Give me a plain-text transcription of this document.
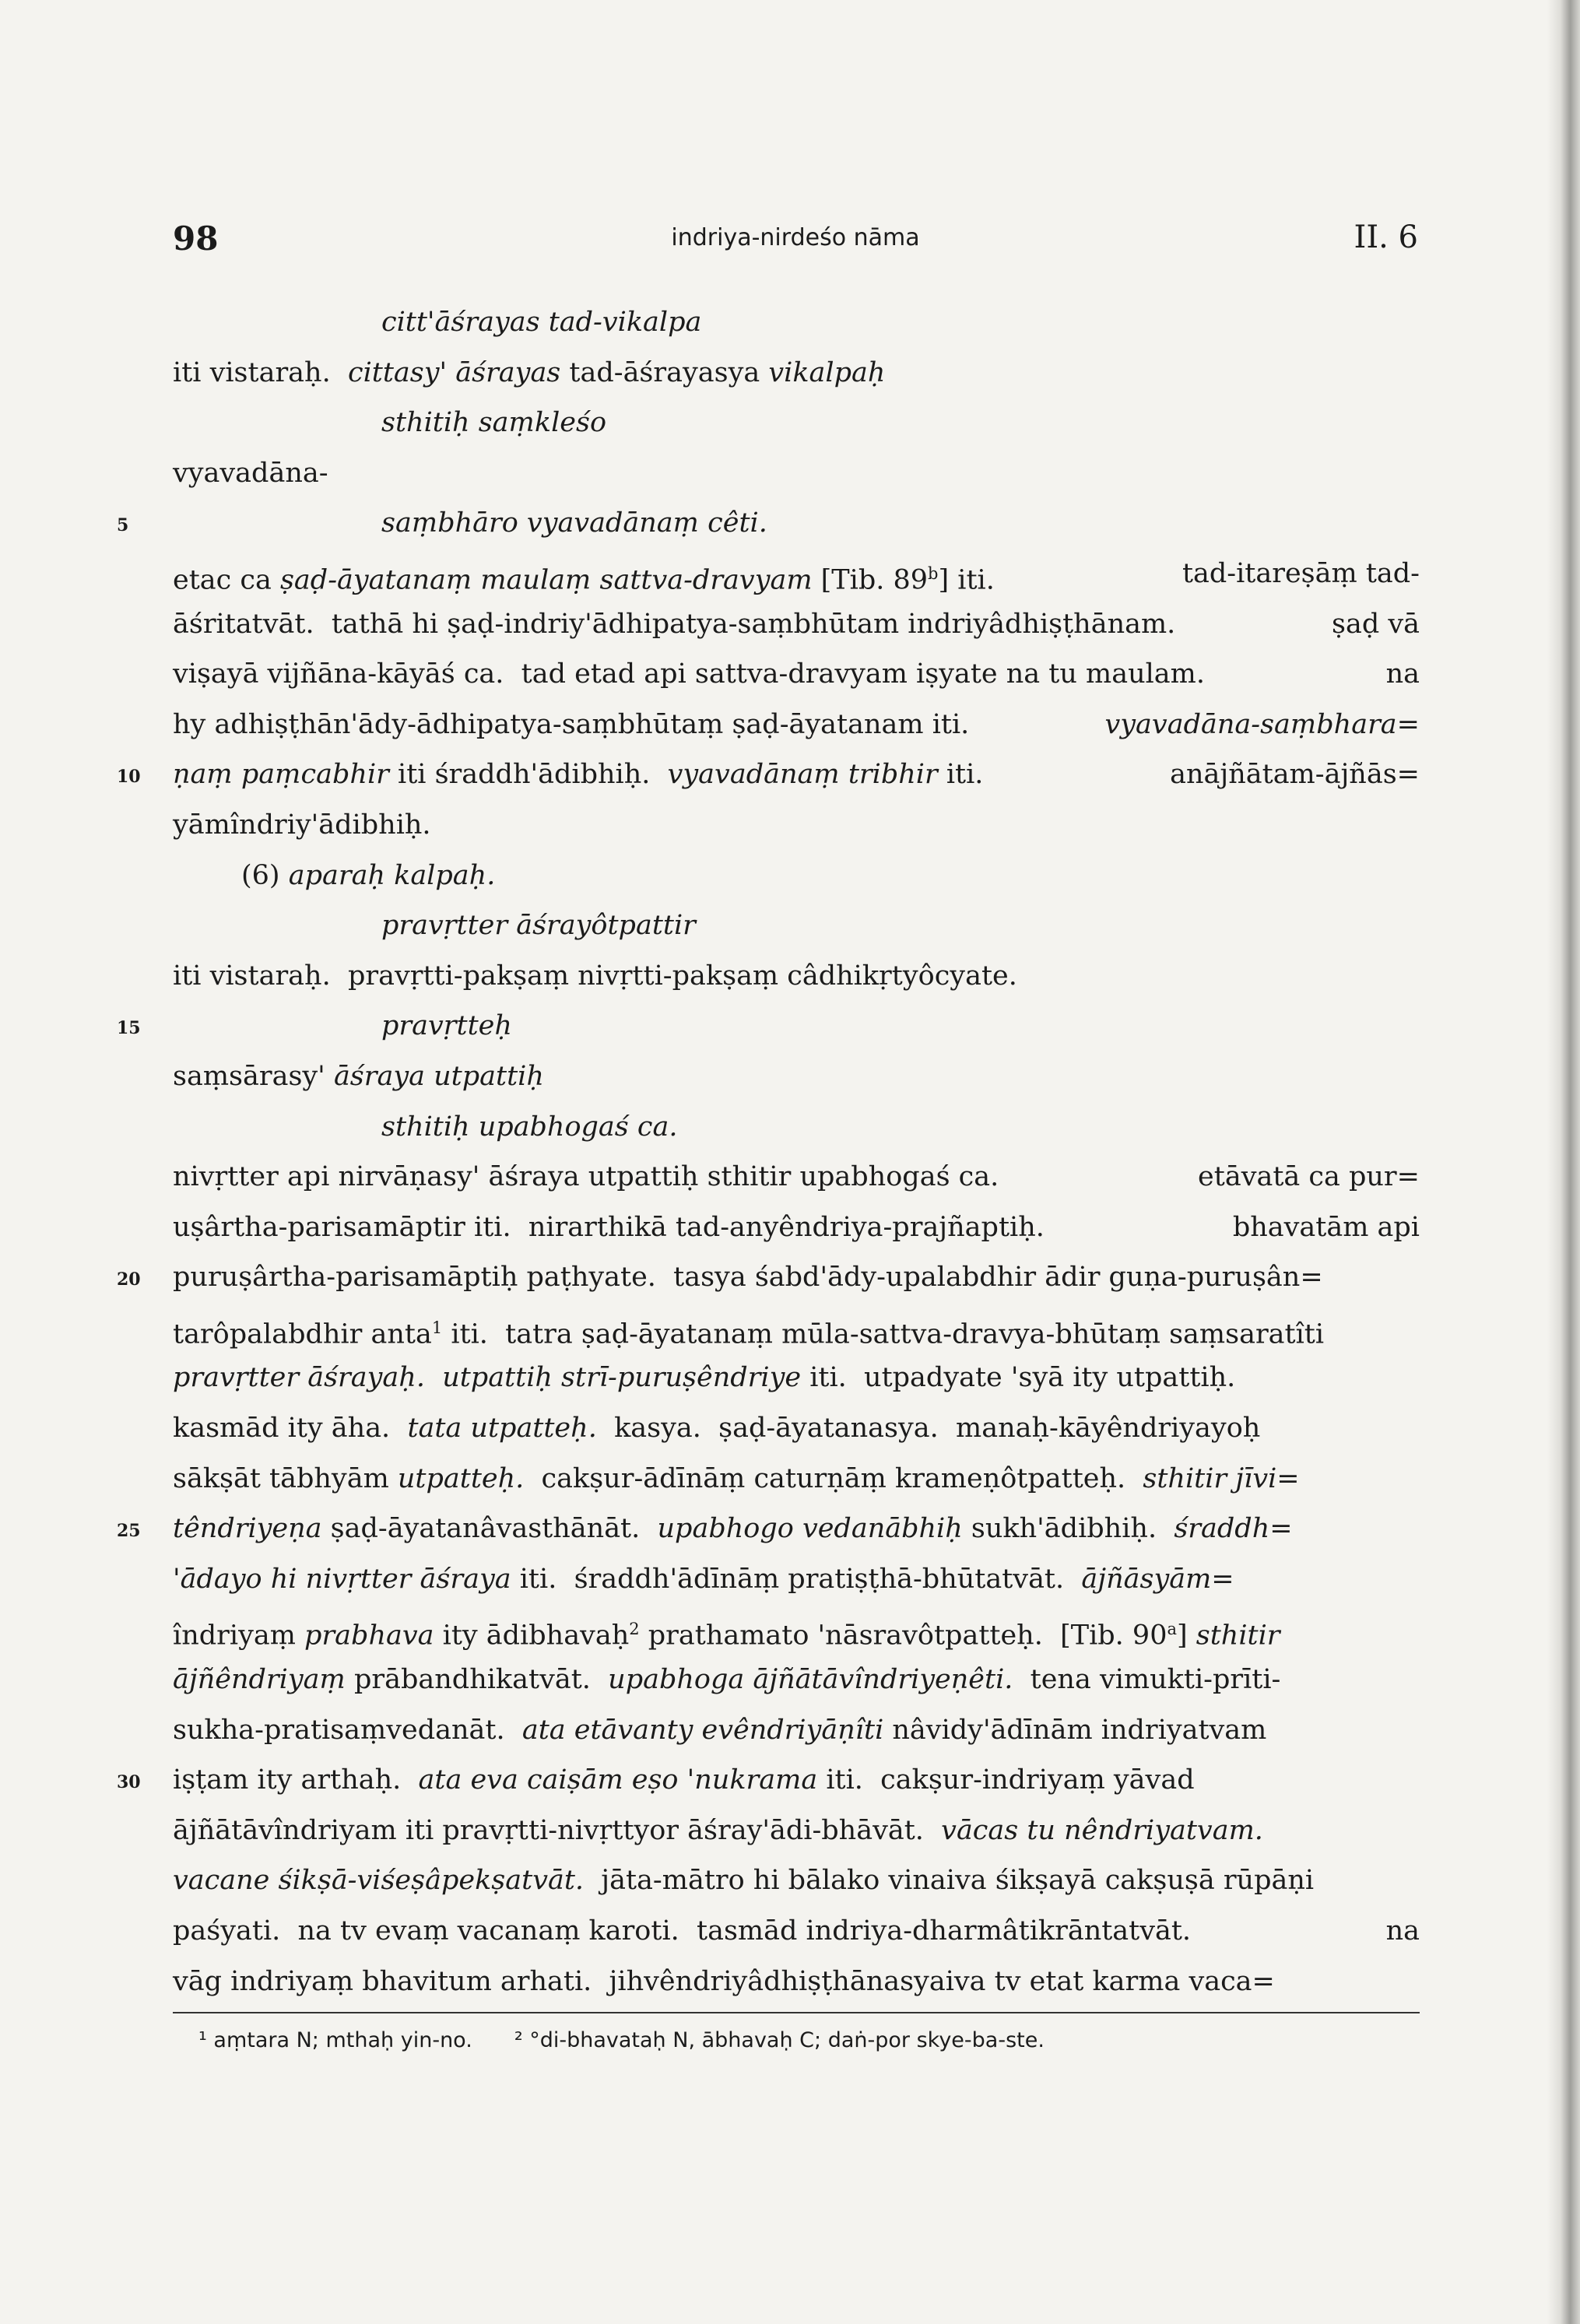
98	indriya-nirdeśo nāma	II. 6
citt'āśrayas tad-vikalpa
iti vistaraḥ.  cittasy' āśrayas tad-āśrayasya vikalpaḥ
sthitiḥ saṃkleśo
vyavadāna-
5	saṃbhāro vyavadānaṃ cêti.
etac ca ṣaḍ-āyatanaṃ maulaṃ sattva-dravyam [Tib. 89$^b$] iti.	tad-itareṣāṃ tad-
āśritatvāt.  tathā hi ṣaḍ-indriy'ādhipatya-saṃbhūtam indriyâdhiṣṭhānam.	ṣaḍ vā
viṣayā vijñāna-kāyāś ca.  tad etad api sattva-dravyam iṣyate na tu maulam.	na
hy adhiṣṭhān'ādy-ādhipatya-saṃbhūtaṃ ṣaḍ-āyatanam iti.	vyavadāna-saṃbhara=
10 ṇaṃ paṃcabhir iti śraddh'ādibhiḥ.  vyavadānaṃ tribhir iti.	anājñātam-ājñās=
yāmîndriy'ādibhiḥ.
(6) aparaḥ kalpaḥ.
pravṛtter āśrayôtpattir
iti vistaraḥ.  pravṛtti-pakṣaṃ nivṛtti-pakṣaṃ câdhikṛtyôcyate.
15	pravṛtteḥ
saṃsārasy' āśraya utpattiḥ
sthitiḥ upabhogaś ca.
nivṛtter api nirvāṇasy' āśraya utpattiḥ sthitir upabhogaś ca.	etāvatā ca pur=
uṣârtha-parisamāptir iti.  nirarthikā tad-anyêndriya-prajñaptiḥ.	bhavatām api
20 puruṣârtha-parisamāptiḥ paṭhyate.  tasya śabd'ādy-upalabdhir ādir guṇa-puruṣân=
tarôpalabdhir anta$^1$ iti.  tatra ṣaḍ-āyatanaṃ mūla-sattva-dravya-bhūtaṃ saṃsaratîti
pravṛtter āśrayaḥ.  utpattiḥ strī-puruṣêndriye iti.  utpadyate 'syā ity utpattiḥ.
kasmād ity āha.  tata utpatteḥ.  kasya.  ṣaḍ-āyatanasya.  manaḥ-kāyêndriyayoḥ
sākṣāt tābhyām utpatteḥ.  cakṣur-ādīnāṃ caturṇāṃ krameṇôtpatteḥ.  sthitir jīvi=
25 têndriyeṇa ṣaḍ-āyatanâvasthānāt.  upabhogo vedanābhiḥ sukh'ādibhiḥ.  śraddh=
'ādayo hi nivṛtter āśraya iti.  śraddh'ādīnāṃ pratiṣṭhā-bhūtatvāt.  ājñāsyām=
îndriyaṃ prabhava ity ādibhavaḥ$^2$ prathamato 'nāsravôtpatteḥ.  [Tib. 90$^a$] sthitir
ājñêndriyaṃ prābandhikatvāt.  upabhoga ājñātāvîndriyeṇêti.  tena vimukti-prīti-
sukha-pratisaṃvedanāt.  ata etāvanty evêndriyāṇîti nâvidy'ādīnām indriyatvam
30 iṣṭam ity arthaḥ.  ata eva caiṣām eṣo 'nukrama iti.  cakṣur-indriyaṃ yāvad
ājñātāvîndriyam iti pravṛtti-nivṛttyor āśray'ādi-bhāvāt.  vācas tu nêndriyatvam.
vacane śikṣā-viśeṣâpekṣatvāt.  jāta-mātro hi bālako vinaiva śikṣayā cakṣuṣā rūpāṇi
paśyati.  na tv evaṃ vacanaṃ karoti.  tasmād indriya-dharmâtikrāntatvāt.	na
vāg indriyaṃ bhavitum arhati.  jihvêndriyâdhiṣṭhānasyaiva tv etat karma vaca=
¹ aṃtara N; mthaḥ yin-no. ² °di-bhavataḥ N, ābhavaḥ C; daṅ-por skye-ba-ste.
